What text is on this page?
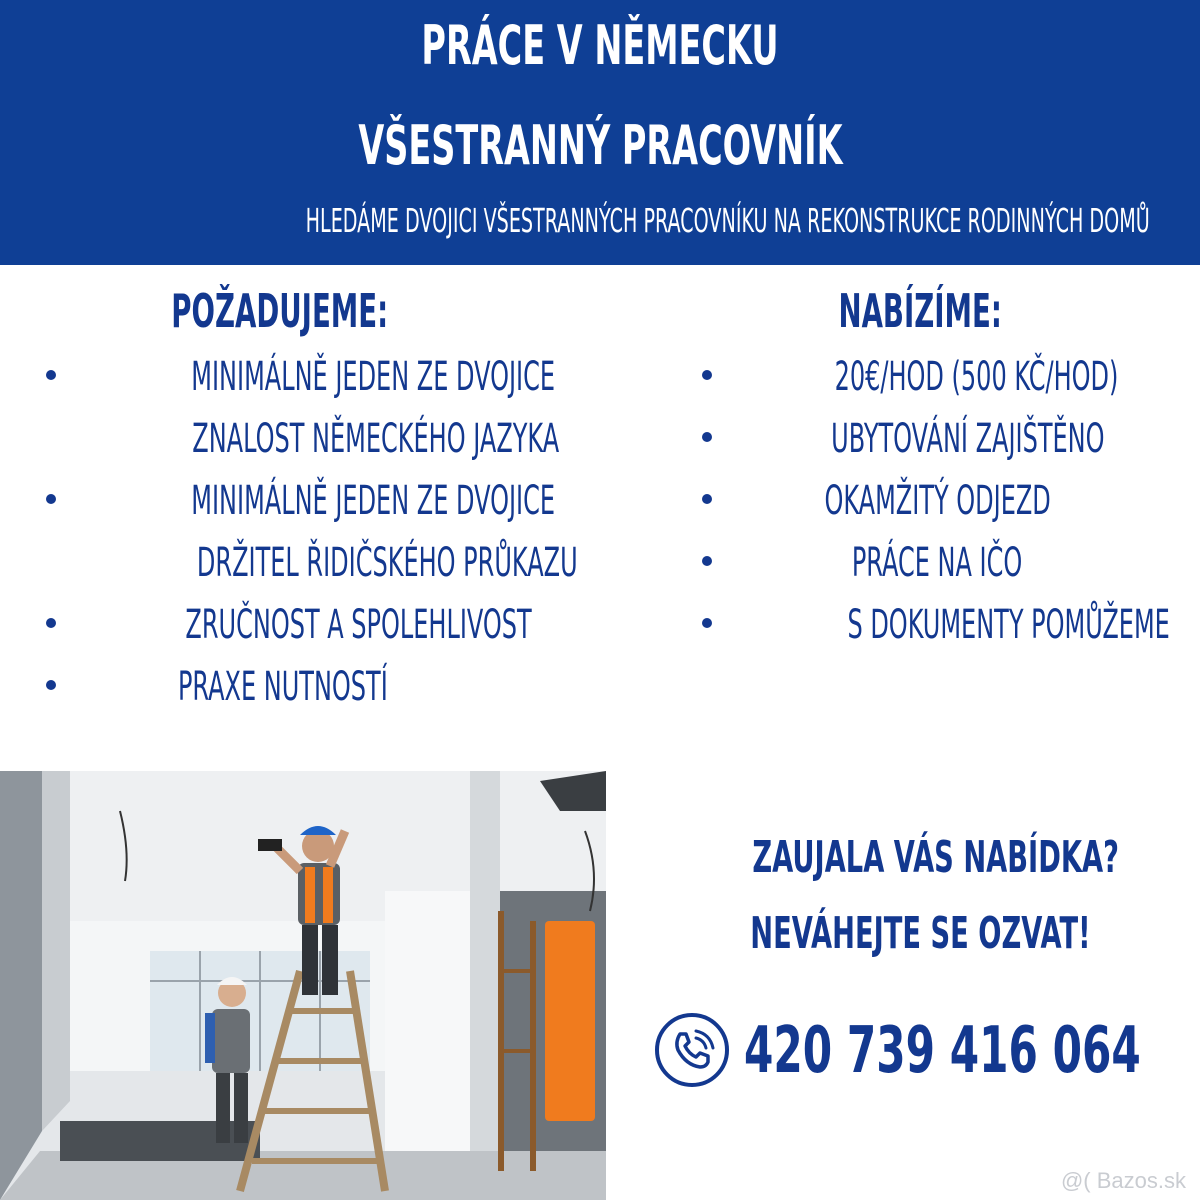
PRÁCE V NĚMECKU
VŠESTRANNÝ PRACOVNÍK
HLEDÁME DVOJICI VŠESTRANNÝCH PRACOVNÍKU NA REKONSTRUKCE RODINNÝCH DOMŮ
POŽADUJEME:
MINIMÁLNĚ JEDEN ZE DVOJICE
ZNALOST NĚMECKÉHO JAZYKA
MINIMÁLNĚ JEDEN ZE DVOJICE
DRŽITEL ŘIDIČSKÉHO PRŮKAZU
ZRUČNOST A SPOLEHLIVOST
PRAXE NUTNOSTÍ
NABÍZÍME:
20€/HOD (500 KČ/HOD)
UBYTOVÁNÍ ZAJIŠTĚNO
OKAMŽITÝ ODJEZD
PRÁCE NA IČO
S DOKUMENTY POMŮŽEME
ZAUJALA VÁS NABÍDKA?
NEVÁHEJTE SE OZVAT!
420 739 416 064
@( Bazos.sk
